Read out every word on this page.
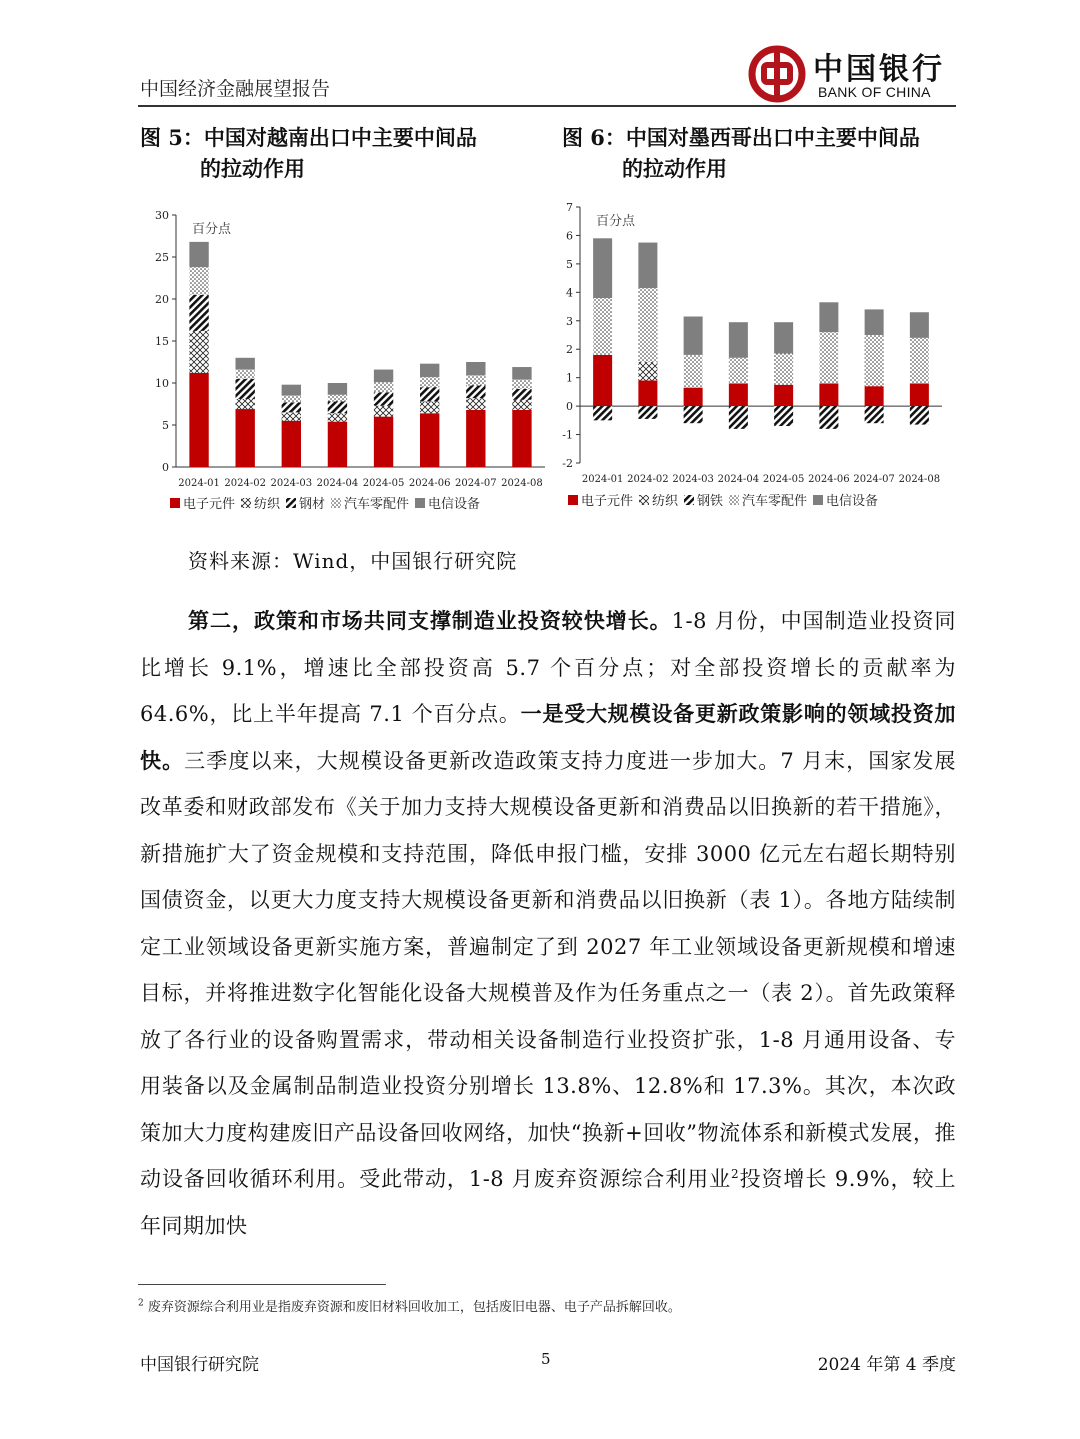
中国经济金融展望报告
中国银行
BANK OF CHINA
图 5：中国对越南出口中主要中间品
的拉动作用
图 6：中国对墨西哥出口中主要中间品
的拉动作用
0
5
10
15
20
25
30
百分点
2024-01 2024-02 2024-03 2024-04 2024-05 2024-06 2024-07 2024-08
电子元件 纺织 钢材 汽车零配件 电信设备
-2
-1
0
1
2
3
4
5
6
7
百分点
2024-01 2024-02 2024-03 2024-04 2024-05 2024-06 2024-07 2024-08
电子元件 纺织 钢铁 汽车零配件 电信设备
资料来源：Wind，中国银行研究院

第二，政策和市场共同支撑制造业投资较快增长。1-8 月份，中国制造业投资同比增长 9.1%，增速比全部投资高 5.7 个百分点；对全部投资增长的贡献率为 64.6%，比上半年提高 7.1 个百分点。一是受大规模设备更新政策影响的领域投资加快。三季度以来，大规模设备更新改造政策支持力度进一步加大。7 月末，国家发展改革委和财政部发布《关于加力支持大规模设备更新和消费品以旧换新的若干措施》，新措施扩大了资金规模和支持范围，降低申报门槛，安排 3000 亿元左右超长期特别国债资金，以更大力度支持大规模设备更新和消费品以旧换新（表 1）。各地方陆续制定工业领域设备更新实施方案，普遍制定了到 2027 年工业领域设备更新规模和增速目标，并将推进数字化智能化设备大规模普及作为任务重点之一（表 2）。首先政策释放了各行业的设备购置需求，带动相关设备制造行业投资扩张，1-8 月通用设备、专用装备以及金属制品制造业投资分别增长 13.8%、12.8%和 17.3%。其次，本次政策加大力度构建废旧产品设备回收网络，加快“换新+回收”物流体系和新模式发展，推动设备回收循环利用。受此带动，1-8 月废弃资源综合利用业$^2$投资增长 9.9%，较上年同期加快

$^2$ 废弃资源综合利用业是指废弃资源和废旧材料回收加工，包括废旧电器、电子产品拆解回收。
中国银行研究院	5	2024 年第 4 季度
